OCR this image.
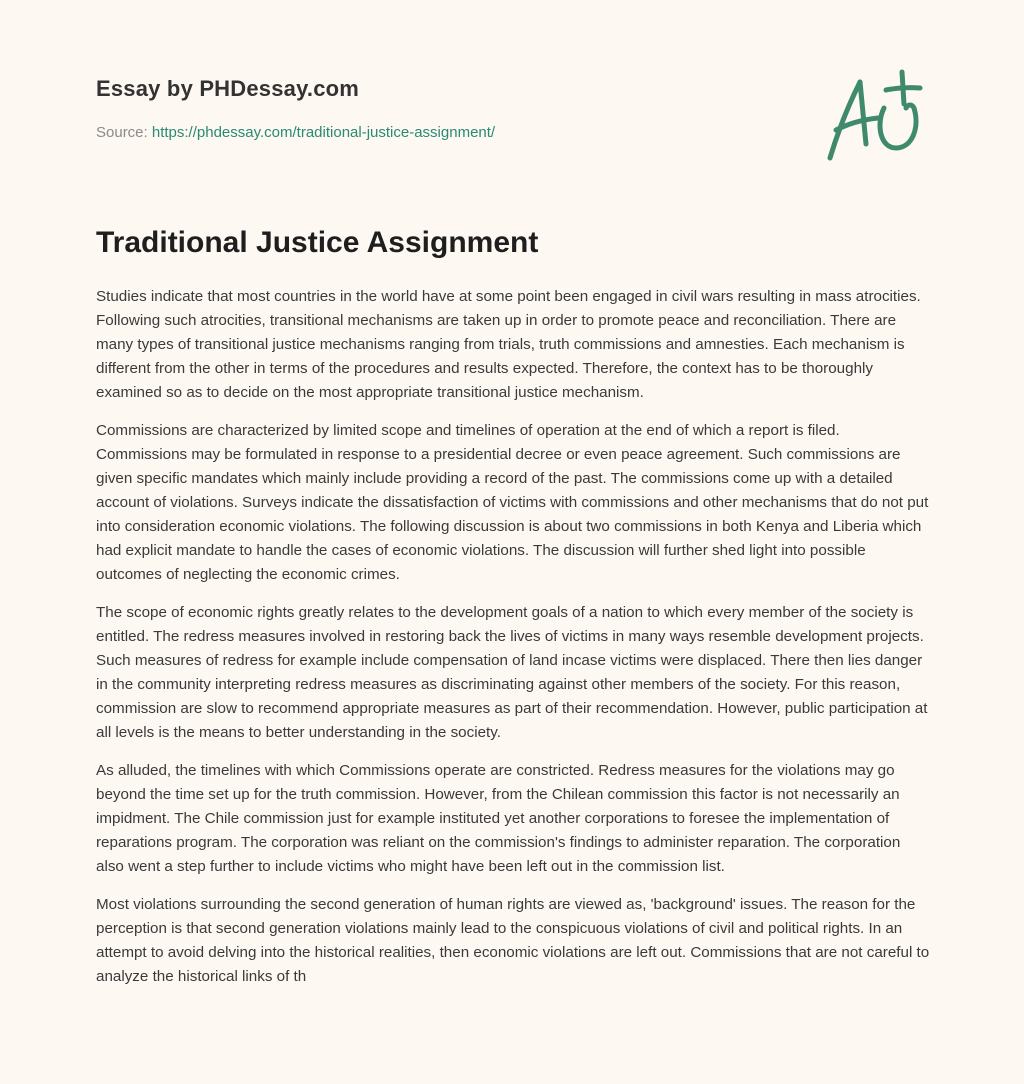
Essay by PHDessay.com
Source: https://phdessay.com/traditional-justice-assignment/
Traditional Justice Assignment

Studies indicate that most countries in the world have at some point been engaged in civil wars resulting in mass atrocities. Following such atrocities, transitional mechanisms are taken up in order to promote peace and reconciliation. There are many types of transitional justice mechanisms ranging from trials, truth commissions and amnesties. Each mechanism is different from the other in terms of the procedures and results expected. Therefore, the context has to be thoroughly examined so as to decide on the most appropriate transitional justice mechanism.

Commissions are characterized by limited scope and timelines of operation at the end of which a report is filed. Commissions may be formulated in response to a presidential decree or even peace agreement. Such commissions are given specific mandates which mainly include providing a record of the past. The commissions come up with a detailed account of violations. Surveys indicate the dissatisfaction of victims with commissions and other mechanisms that do not put into consideration economic violations. The following discussion is about two commissions in both Kenya and Liberia which had explicit mandate to handle the cases of economic violations. The discussion will further shed light into possible outcomes of neglecting the economic crimes.

The scope of economic rights greatly relates to the development goals of a nation to which every member of the society is entitled. The redress measures involved in restoring back the lives of victims in many ways resemble development projects. Such measures of redress for example include compensation of land incase victims were displaced. There then lies danger in the community interpreting redress measures as discriminating against other members of the society. For this reason, commission are slow to recommend appropriate measures as part of their recommendation. However, public participation at all levels is the means to better understanding in the society.

As alluded, the timelines with which Commissions operate are constricted. Redress measures for the violations may go beyond the time set up for the truth commission. However, from the Chilean commission this factor is not necessarily an impidment. The Chile commission just for example instituted yet another corporations to foresee the implementation of reparations program. The corporation was reliant on the commission's findings to administer reparation. The corporation also went a step further to include victims who might have been left out in the commission list.

Most violations surrounding the second generation of human rights are viewed as, 'background' issues. The reason for the perception is that second generation violations mainly lead to the conspicuous violations of civil and political rights. In an attempt to avoid delving into the historical realities, then economic violations are left out. Commissions that are not careful to analyze the historical links of th
